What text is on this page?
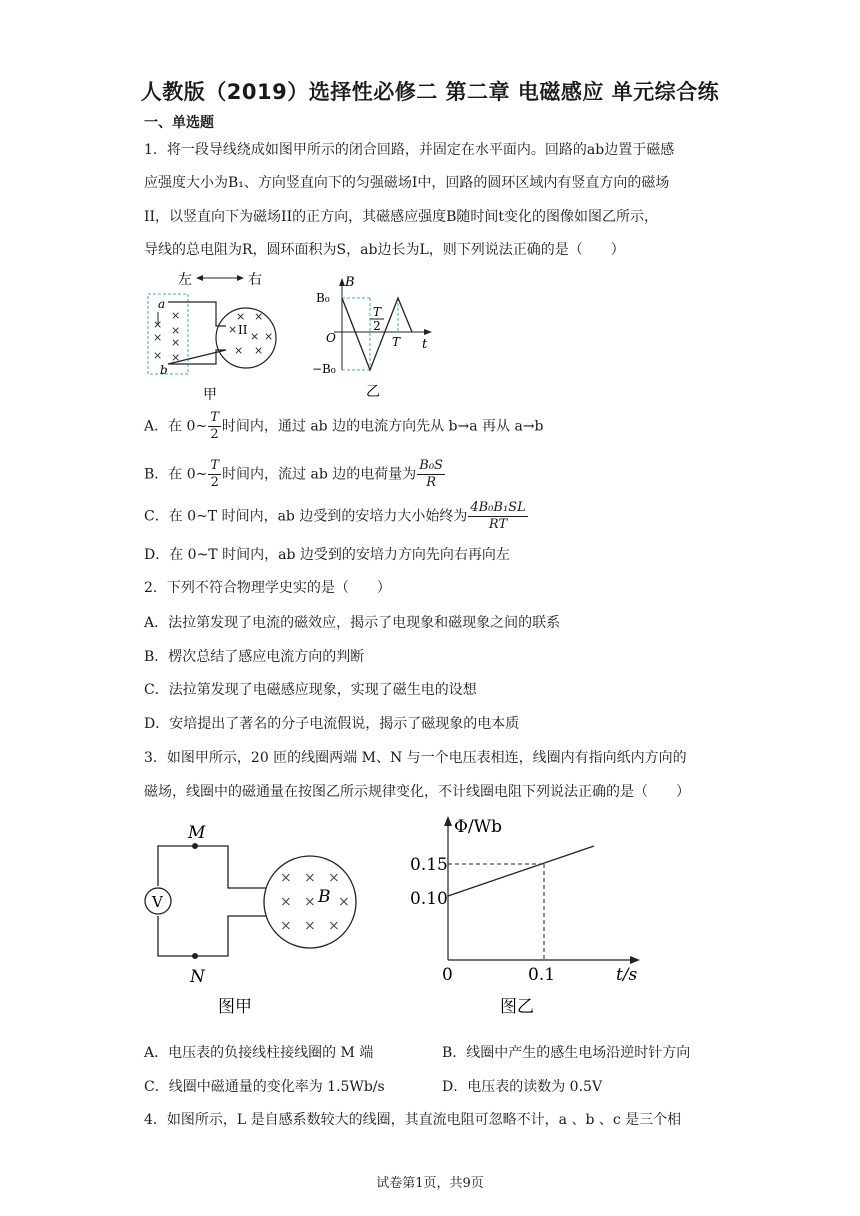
人教版（2019）选择性必修二 第二章 电磁感应 单元综合练
一、单选题
1．将一段导线绕成如图甲所示的闭合回路，并固定在水平面内。回路的ab边置于磁感
应强度大小为B₁、方向竖直向下的匀强磁场I中，回路的圆环区域内有竖直方向的磁场
II，以竖直向下为磁场II的正方向，其磁感应强度B随时间t变化的图像如图乙所示，
导线的总电阻为R，圆环面积为S，ab边长为L，则下列说法正确的是（　　）
左	右
a
b
×
×
×
×
×
×
×
× ×
×
×
× ×
×
II
甲
B
B₀
O
−B₀
T
2
T t
乙
A．在 0~ $\frac{T}{2}$ 时间内，通过 ab 边的电流方向先从 b→a 再从 a→b
B．在 0~ $\frac{T}{2}$ 时间内，流过 ab 边的电荷量为 $\frac{\text{B₀S}}{R}$
C．在 0~T 时间内，ab 边受到的安培力大小始终为 $\frac{\text{4B₀B₁SL}}{RT}$
D．在 0~T 时间内，ab 边受到的安培力方向先向右再向左
2．下列不符合物理学史实的是（　　）
A．法拉第发现了电流的磁效应，揭示了电现象和磁现象之间的联系
B．楞次总结了感应电流方向的判断
C．法拉第发现了电磁感应现象，实现了磁生电的设想
D．安培提出了著名的分子电流假说，揭示了磁现象的电本质
3．如图甲所示，20 匝的线圈两端 M、N 与一个电压表相连，线圈内有指向纸内方向的
磁场，线圈中的磁通量在按图乙所示规律变化，不计线圈电阻下列说法正确的是（　　）
M
N
V
× × ×
× × ×
× × ×
B
图甲
Φ/Wb
0.15
0.10
0	0.1	t/s
图乙
A．电压表的负接线柱接线圈的 M 端	B．线圈中产生的感生电场沿逆时针方向
C．线圈中磁通量的变化率为 1.5Wb/s	D．电压表的读数为 0.5V
4．如图所示，L 是自感系数较大的线圈，其直流电阻可忽略不计，a 、b 、c 是三个相
试卷第1页，共9页
